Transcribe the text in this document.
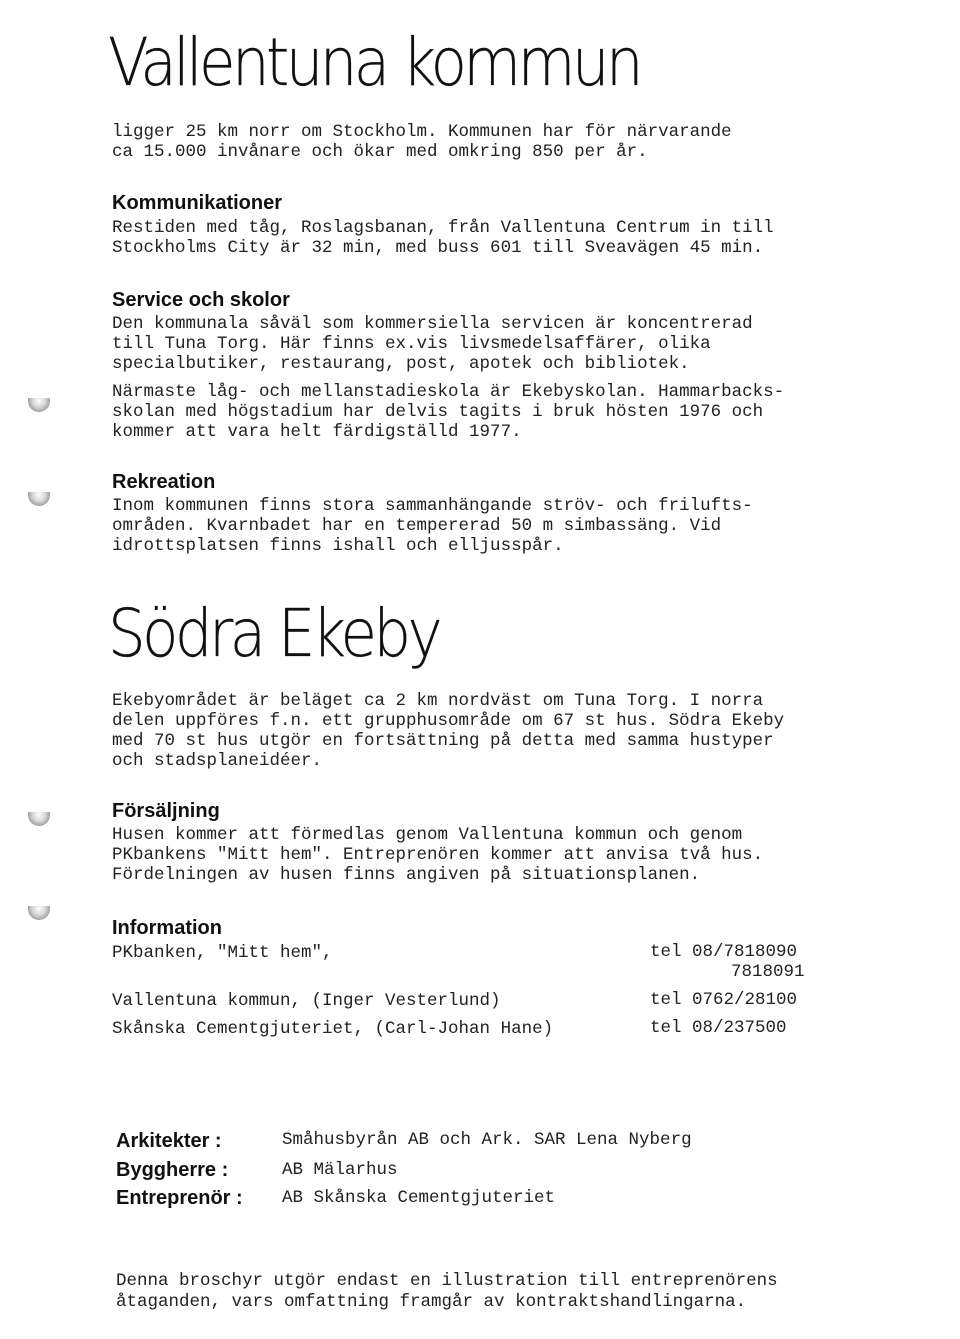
Vallentuna kommun
ligger 25 km norr om Stockholm. Kommunen har för närvarande
ca 15.000 invånare och ökar med omkring 850 per år.
Kommunikationer
Restiden med tåg, Roslagsbanan, från Vallentuna Centrum in till
Stockholms City är 32 min, med buss 601 till Sveavägen 45 min.
Service och skolor
Den kommunala såväl som kommersiella servicen är koncentrerad
till Tuna Torg. Här finns ex.vis livsmedelsaffärer, olika
specialbutiker, restaurang, post, apotek och bibliotek.
Närmaste låg- och mellanstadieskola är Ekebyskolan. Hammarbacks-
skolan med högstadium har delvis tagits i bruk hösten 1976 och
kommer att vara helt färdigställd 1977.
Rekreation
Inom kommunen finns stora sammanhängande ströv- och frilufts-
områden. Kvarnbadet har en tempererad 50 m simbassäng. Vid
idrottsplatsen finns ishall och elljusspår.
Södra Ekeby
Ekebyområdet är beläget ca 2 km nordväst om Tuna Torg. I norra
delen uppföres f.n. ett grupphusområde om 67 st hus. Södra Ekeby
med 70 st hus utgör en fortsättning på detta med samma hustyper
och stadsplaneidéer.
Försäljning
Husen kommer att förmedlas genom Vallentuna kommun och genom
PKbankens "Mitt hem". Entreprenören kommer att anvisa två hus.
Fördelningen av husen finns angiven på situationsplanen.
Information
PKbanken, "Mitt hem",	tel 08/7818090
7818091
Vallentuna kommun, (Inger Vesterlund)	tel 0762/28100
Skånska Cementgjuteriet, (Carl-Johan Hane)	tel 08/237500
Arkitekter :	Småhusbyrån AB och Ark. SAR Lena Nyberg
Byggherre :	AB Mälarhus
Entreprenör : AB Skånska Cementgjuteriet
Denna broschyr utgör endast en illustration till entreprenörens
åtaganden, vars omfattning framgår av kontraktshandlingarna.
